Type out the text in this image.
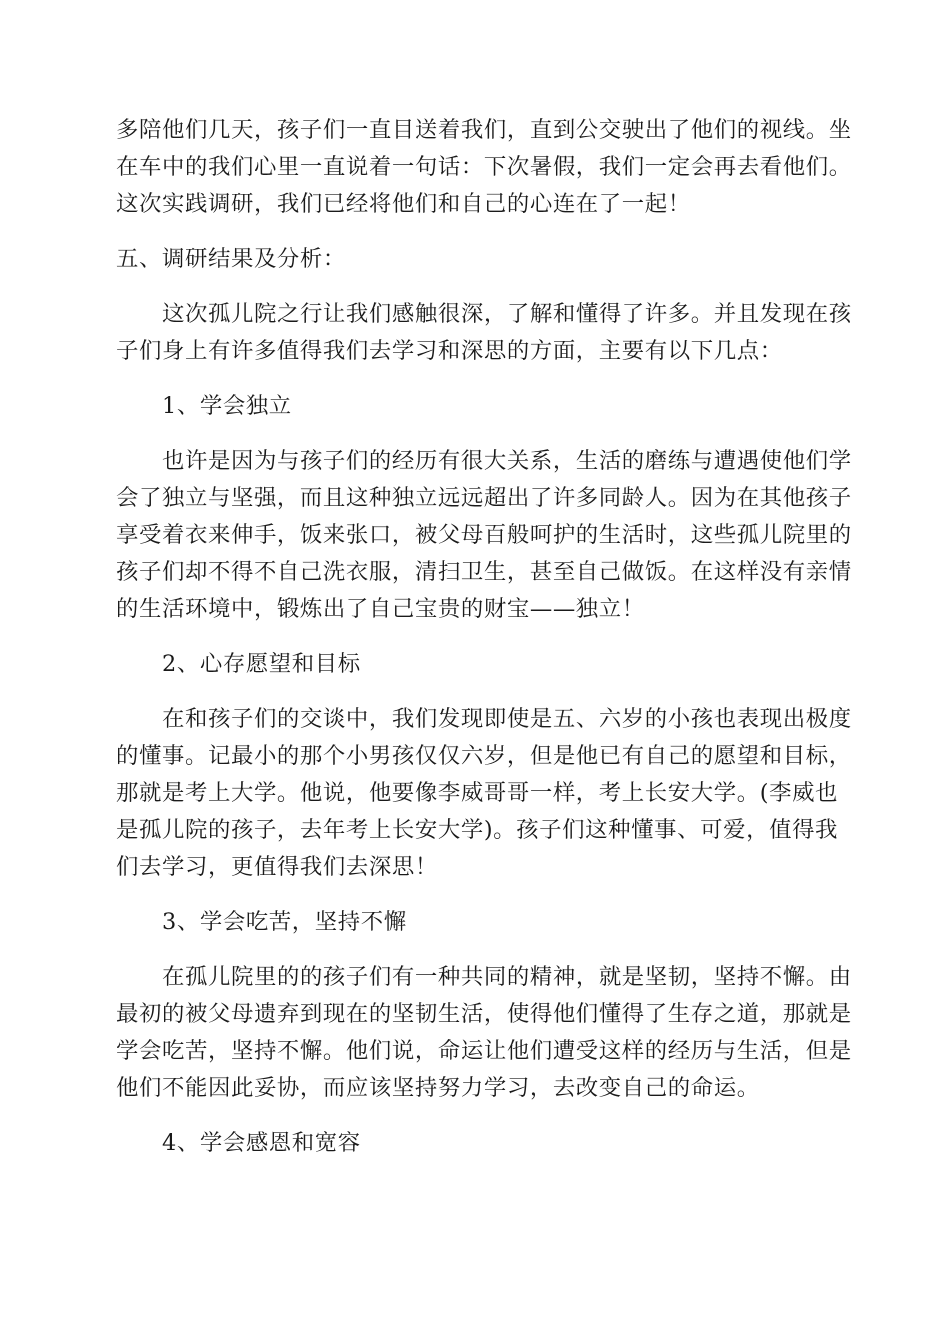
多陪他们几天，孩子们一直目送着我们，直到公交驶出了他们的视线。坐
在车中的我们心里一直说着一句话：下次暑假，我们一定会再去看他们。
这次实践调研，我们已经将他们和自己的心连在了一起！
五、调研结果及分析：
这次孤儿院之行让我们感触很深，了解和懂得了许多。并且发现在孩
子们身上有许多值得我们去学习和深思的方面，主要有以下几点：
1、学会独立
也许是因为与孩子们的经历有很大关系，生活的磨练与遭遇使他们学
会了独立与坚强，而且这种独立远远超出了许多同龄人。因为在其他孩子
享受着衣来伸手，饭来张口，被父母百般呵护的生活时，这些孤儿院里的
孩子们却不得不自己洗衣服，清扫卫生，甚至自己做饭。在这样没有亲情
的生活环境中，锻炼出了自己宝贵的财宝——独立！
2、心存愿望和目标
在和孩子们的交谈中，我们发现即使是五、六岁的小孩也表现出极度
的懂事。记最小的那个小男孩仅仅六岁，但是他已有自己的愿望和目标，
那就是考上大学。他说，他要像李威哥哥一样，考上长安大学。(李威也
是孤儿院的孩子，去年考上长安大学)。孩子们这种懂事、可爱，值得我
们去学习，更值得我们去深思！
3、学会吃苦，坚持不懈
在孤儿院里的的孩子们有一种共同的精神，就是坚韧，坚持不懈。由
最初的被父母遗弃到现在的坚韧生活，使得他们懂得了生存之道，那就是
学会吃苦，坚持不懈。他们说，命运让他们遭受这样的经历与生活，但是
他们不能因此妥协，而应该坚持努力学习，去改变自己的命运。
4、学会感恩和宽容
